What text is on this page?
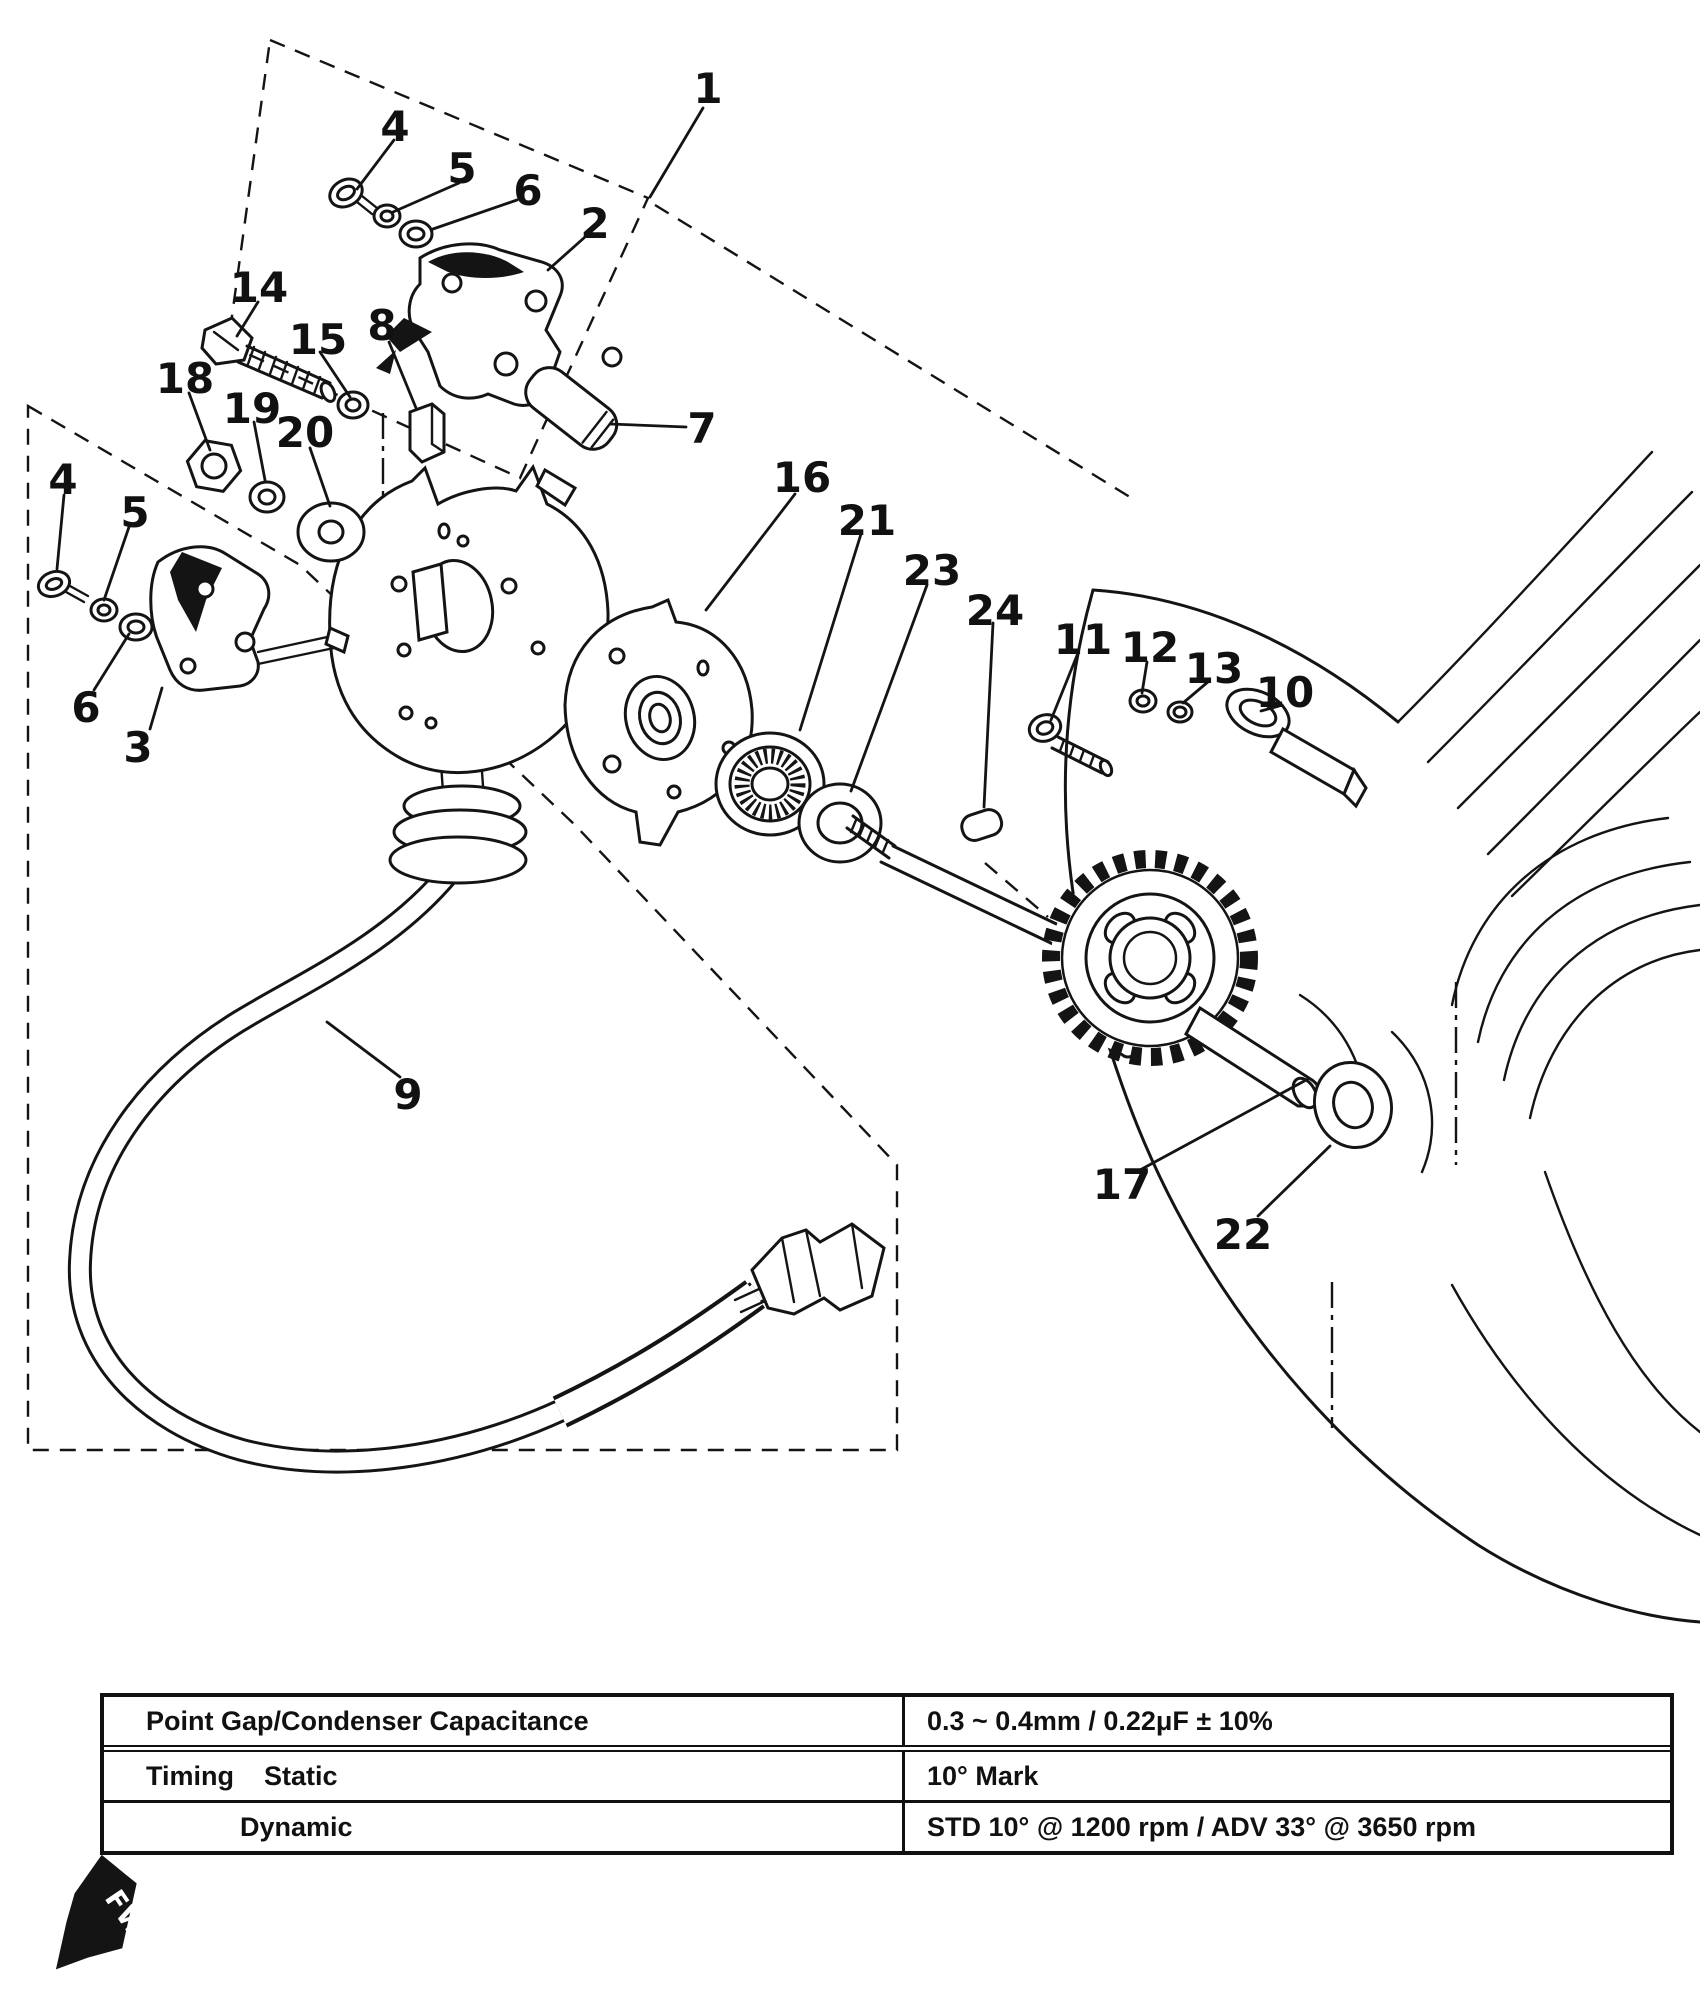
1
4
5 6
2
14
15 8
18
19
20	7
16
21
23
24
11 12 13 10
4
5
6
3
9
17
22
FWD
Point Gap/Condenser Capacitance	0.3 ~ 0.4mm / 0.22μF ± 10%
Timing Static	10° Mark
Dynamic	STD 10° @ 1200 rpm / ADV 33° @ 3650 rpm
